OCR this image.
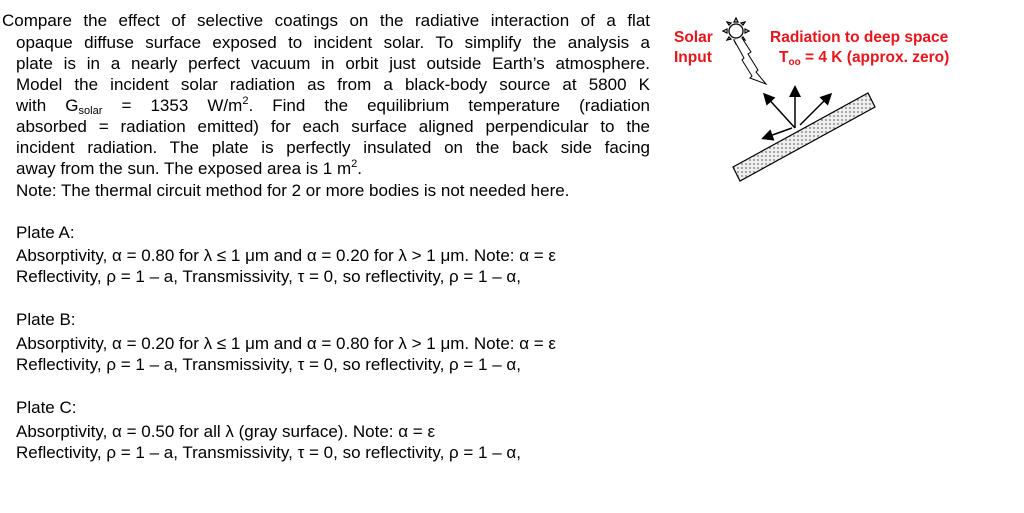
Compare the effect of selective coatings on the radiative interaction of a flat
opaque diffuse surface exposed to incident solar. To simplify the analysis a
plate is in a nearly perfect vacuum in orbit just outside Earth’s atmosphere.
Model the incident solar radiation as from a black-body source at 5800 K
with $G_{solar} = 1353$ $W/m^2$. Find the equilibrium temperature (radiation
absorbed = radiation emitted) for each surface aligned perpendicular to the
incident radiation. The plate is perfectly insulated on the back side facing
away from the sun. The exposed area is 1 $m^2$.
Note: The thermal circuit method for 2 or more bodies is not needed here.
Plate A:
Absorptivity, α = 0.80 for λ ≤ 1 μm and α = 0.20 for λ > 1 μm. Note: α = ε
Reflectivity, ρ = 1 – a, Transmissivity, τ = 0, so reflectivity, ρ = 1 – α,
Plate B:
Absorptivity, α = 0.20 for λ ≤ 1 μm and α = 0.80 for λ > 1 μm. Note: α = ε
Reflectivity, ρ = 1 – a, Transmissivity, τ = 0, so reflectivity, ρ = 1 – α,
Plate C:
Absorptivity, α = 0.50 for all λ (gray surface). Note: α = ε
Reflectivity, ρ = 1 – a, Transmissivity, τ = 0, so reflectivity, ρ = 1 – α,
Solar
Input
Radiation to deep space
$T_{oo} = 4$ K (approx. zero)
